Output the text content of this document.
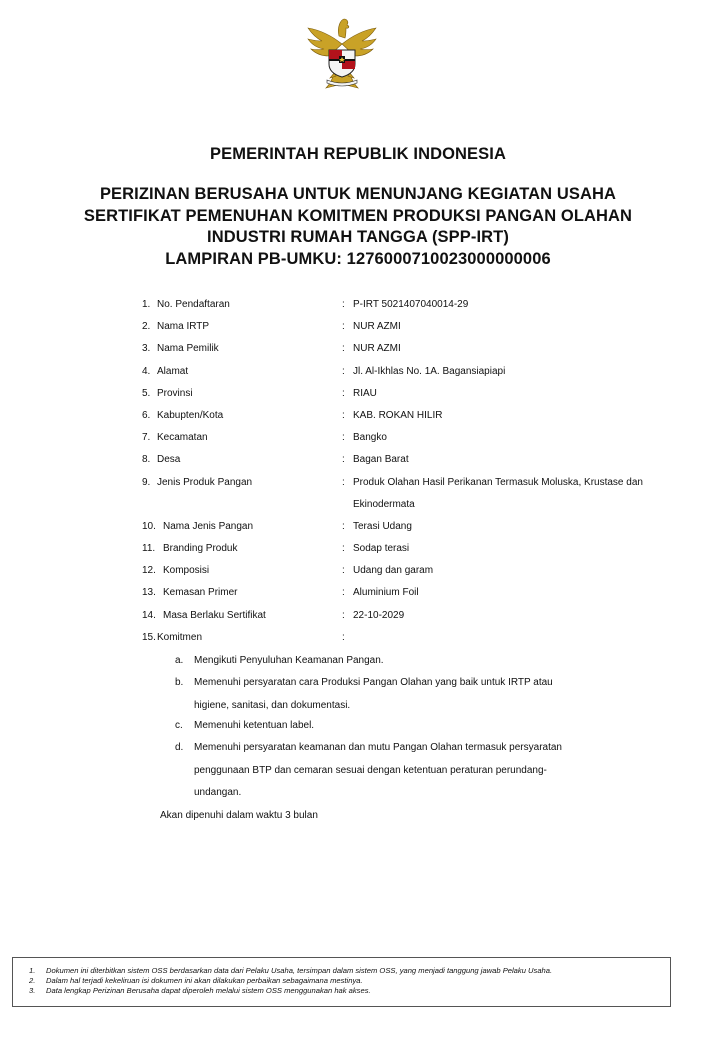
PEMERINTAH REPUBLIK INDONESIA
PERIZINAN BERUSAHA UNTUK MENUNJANG KEGIATAN USAHA
SERTIFIKAT PEMENUHAN KOMITMEN PRODUKSI PANGAN OLAHAN
INDUSTRI RUMAH TANGGA (SPP-IRT)
LAMPIRAN PB-UMKU: 1276000710023000000006
1. No. Pendaftaran	: P-IRT 5021407040014-29
2. Nama IRTP	: NUR AZMI
3. Nama Pemilik	: NUR AZMI
4. Alamat	: Jl. Al-Ikhlas No. 1A. Bagansiapiapi
5. Provinsi	: RIAU
6. Kabupten/Kota	: KAB. ROKAN HILIR
7. Kecamatan	: Bangko
8. Desa	: Bagan Barat
9. Jenis Produk Pangan	: Produk Olahan Hasil Perikanan Termasuk Moluska, Krustase dan Ekinodermata
10. Nama Jenis Pangan	: Terasi Udang
11. Branding Produk	: Sodap terasi
12. Komposisi	: Udang dan garam
13. Kemasan Primer	: Aluminium Foil
14. Masa Berlaku Sertifikat	: 22-10-2029
15. Komitmen	:
a. Mengikuti Penyuluhan Keamanan Pangan.
b. Memenuhi persyaratan cara Produksi Pangan Olahan yang baik untuk IRTP atau higiene, sanitasi, dan dokumentasi.
c. Memenuhi ketentuan label.
d. Memenuhi persyaratan keamanan dan mutu Pangan Olahan termasuk persyaratan penggunaan BTP dan cemaran sesuai dengan ketentuan peraturan perundang-undangan.
Akan dipenuhi dalam waktu 3 bulan
1. Dokumen ini diterbitkan sistem OSS berdasarkan data dari Pelaku Usaha, tersimpan dalam sistem OSS, yang menjadi tanggung jawab Pelaku Usaha.
2. Dalam hal terjadi kekeliruan isi dokumen ini akan dilakukan perbaikan sebagaimana mestinya.
3. Data lengkap Perizinan Berusaha dapat diperoleh melalui sistem OSS menggunakan hak akses.
